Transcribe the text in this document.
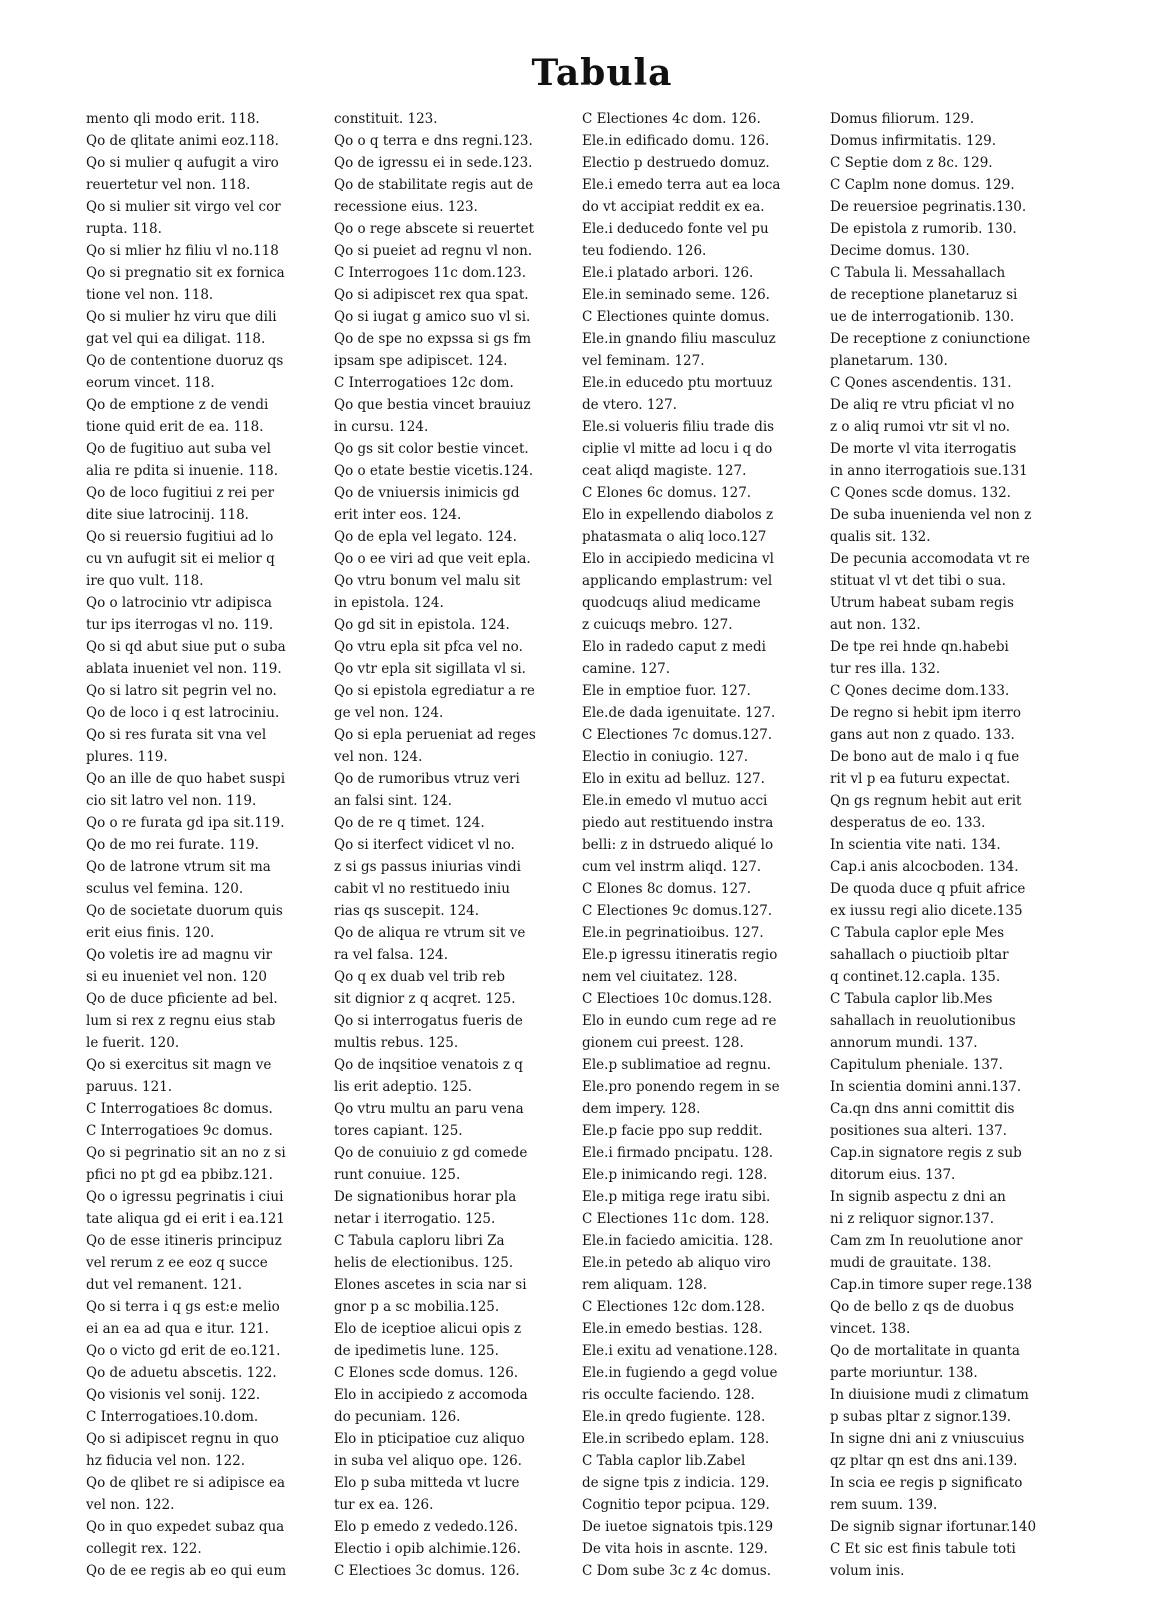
Tabula
mento qli modo erit. 118.
Qo de qlitate animi eoz.118.
Qo si mulier q aufugit a viro
reuertetur vel non. 118.
Qo si mulier sit virgo vel cor
rupta. 118.
Qo si mlier hz filiu vl no.118
Qo si pregnatio sit ex fornica
tione vel non. 118.
Qo si mulier hz viru que dili
gat vel qui ea diligat. 118.
Qo de contentione duoruz qs
eorum vincet. 118.
Qo de emptione z de vendi
tione quid erit de ea. 118.
Qo de fugitiuo aut suba vel
alia re pdita si inuenie. 118.
Qo de loco fugitiui z rei per
dite siue latrocinij. 118.
Qo si reuersio fugitiui ad lo
cu vn aufugit sit ei melior q
ire quo vult. 118.
Qo o latrocinio vtr adipisca
tur ips iterrogas vl no. 119.
Qo si qd abut siue put o suba
ablata inueniet vel non. 119.
Qo si latro sit pegrin vel no.
Qo de loco i q est latrociniu.
Qo si res furata sit vna vel
plures. 119.
Qo an ille de quo habet suspi
cio sit latro vel non. 119.
Qo o re furata gd ipa sit.119.
Qo de mo rei furate. 119.
Qo de latrone vtrum sit ma
sculus vel femina. 120.
Qo de societate duorum quis
erit eius finis. 120.
Qo voletis ire ad magnu vir
si eu inueniet vel non. 120
Qo de duce pficiente ad bel.
lum si rex z regnu eius stab
le fuerit. 120.
Qo si exercitus sit magn ve
paruus. 121.
C Interrogatioes 8c domus.
C Interrogatioes 9c domus.
Qo si pegrinatio sit an no z si
pfici no pt gd ea pbibz.121.
Qo o igressu pegrinatis i ciui
tate aliqua gd ei erit i ea.121
Qo de esse itineris principuz
vel rerum z ee eoz q succe
dut vel remanent. 121.
Qo si terra i q gs est:e melio
ei an ea ad qua e itur. 121.
Qo o victo gd erit de eo.121.
Qo de aduetu abscetis. 122.
Qo visionis vel sonij. 122.
C Interrogatioes.10.dom.
Qo si adipiscet regnu in quo
hz fiducia vel non. 122.
Qo de qlibet re si adipisce ea
vel non. 122.
Qo in quo expedet subaz qua
collegit rex. 122.
Qo de ee regis ab eo qui eum
constituit. 123.
Qo o q terra e dns regni.123.
Qo de igressu ei in sede.123.
Qo de stabilitate regis aut de
recessione eius. 123.
Qo o rege abscete si reuertet
Qo si pueiet ad regnu vl non.
C Interrogoes 11c dom.123.
Qo si adipiscet rex qua spat.
Qo si iugat g amico suo vl si.
Qo de spe no expssa si gs fm
ipsam spe adipiscet. 124.
C Interrogatioes 12c dom.
Qo que bestia vincet brauiuz
in cursu. 124.
Qo gs sit color bestie vincet.
Qo o etate bestie vicetis.124.
Qo de vniuersis inimicis gd
erit inter eos. 124.
Qo de epla vel legato. 124.
Qo o ee viri ad que veit epla.
Qo vtru bonum vel malu sit
in epistola. 124.
Qo gd sit in epistola. 124.
Qo vtru epla sit pfca vel no.
Qo vtr epla sit sigillata vl si.
Qo si epistola egrediatur a re
ge vel non. 124.
Qo si epla perueniat ad reges
vel non. 124.
Qo de rumoribus vtruz veri
an falsi sint. 124.
Qo de re q timet. 124.
Qo si iterfect vidicet vl no.
z si gs passus iniurias vindi
cabit vl no restituedo iniu
rias qs suscepit. 124.
Qo de aliqua re vtrum sit ve
ra vel falsa. 124.
Qo q ex duab vel trib reb
sit dignior z q acqret. 125.
Qo si interrogatus fueris de
multis rebus. 125.
Qo de inqsitioe venatois z q
lis erit adeptio. 125.
Qo vtru multu an paru vena
tores capiant. 125.
Qo de conuiuio z gd comede
runt conuiue. 125.
De signationibus horar pla
netar i iterrogatio. 125.
C Tabula caploru libri Za
helis de electionibus. 125.
Elones ascetes in scia nar si
gnor p a sc mobilia.125.
Elo de iceptioe alicui opis z
de ipedimetis lune. 125.
C Elones scde domus. 126.
Elo in accipiedo z accomoda
do pecuniam. 126.
Elo in pticipatioe cuz aliquo
in suba vel aliquo ope. 126.
Elo p suba mitteda vt lucre
tur ex ea. 126.
Elo p emedo z vededo.126.
Electio i opib alchimie.126.
C Electioes 3c domus. 126.
C Electiones 4c dom. 126.
Ele.in edificado domu. 126.
Electio p destruedo domuz.
Ele.i emedo terra aut ea loca
do vt accipiat reddit ex ea.
Ele.i deducedo fonte vel pu
teu fodiendo. 126.
Ele.i platado arbori. 126.
Ele.in seminado seme. 126.
C Electiones quinte domus.
Ele.in gnando filiu masculuz
vel feminam. 127.
Ele.in educedo ptu mortuuz
de vtero. 127.
Ele.si volueris filiu trade dis
ciplie vl mitte ad locu i q do
ceat aliqd magiste. 127.
C Elones 6c domus. 127.
Elo in expellendo diabolos z
phatasmata o aliq loco.127
Elo in accipiedo medicina vl
applicando emplastrum: vel
quodcuqs aliud medicame
z cuicuqs mebro. 127.
Elo in radedo caput z medi
camine. 127.
Ele in emptioe fuor. 127.
Ele.de dada igenuitate. 127.
C Electiones 7c domus.127.
Electio in coniugio. 127.
Elo in exitu ad belluz. 127.
Ele.in emedo vl mutuo acci
piedo aut restituendo instra
belli: z in dstruedo aliqué lo
cum vel instrm aliqd. 127.
C Elones 8c domus. 127.
C Electiones 9c domus.127.
Ele.in pegrinatioibus. 127.
Ele.p igressu itineratis regio
nem vel ciuitatez. 128.
C Electioes 10c domus.128.
Elo in eundo cum rege ad re
gionem cui preest. 128.
Ele.p sublimatioe ad regnu.
Ele.pro ponendo regem in se
dem impery. 128.
Ele.p facie ppo sup reddit.
Ele.i firmado pncipatu. 128.
Ele.p inimicando regi. 128.
Ele.p mitiga rege iratu sibi.
C Electiones 11c dom. 128.
Ele.in faciedo amicitia. 128.
Ele.in petedo ab aliquo viro
rem aliquam. 128.
C Electiones 12c dom.128.
Ele.in emedo bestias. 128.
Ele.i exitu ad venatione.128.
Ele.in fugiendo a gegd volue
ris occulte faciendo. 128.
Ele.in qredo fugiente. 128.
Ele.in scribedo eplam. 128.
C Tabla caplor lib.Zabel
de signe tpis z indicia. 129.
Cognitio tepor pcipua. 129.
De iuetoe signatois tpis.129
De vita hois in ascnte. 129.
C Dom sube 3c z 4c domus.
Domus filiorum. 129.
Domus infirmitatis. 129.
C Septie dom z 8c. 129.
C Caplm none domus. 129.
De reuersioe pegrinatis.130.
De epistola z rumorib. 130.
Decime domus. 130.
C Tabula li. Messahallach
de receptione planetaruz si
ue de interrogationib. 130.
De receptione z coniunctione
planetarum. 130.
C Qones ascendentis. 131.
De aliq re vtru pficiat vl no
z o aliq rumoi vtr sit vl no.
De morte vl vita iterrogatis
in anno iterrogatiois sue.131
C Qones scde domus. 132.
De suba inuenienda vel non z
qualis sit. 132.
De pecunia accomodata vt re
stituat vl vt det tibi o sua.
Utrum habeat subam regis
aut non. 132.
De tpe rei hnde qn.habebi
tur res illa. 132.
C Qones decime dom.133.
De regno si hebit ipm iterro
gans aut non z quado. 133.
De bono aut de malo i q fue
rit vl p ea futuru expectat.
Qn gs regnum hebit aut erit
desperatus de eo. 133.
In scientia vite nati. 134.
Cap.i anis alcocboden. 134.
De quoda duce q pfuit africe
ex iussu regi alio dicete.135
C Tabula caplor eple Mes
sahallach o piuctioib pltar
q continet.12.capla. 135.
C Tabula caplor lib.Mes
sahallach in reuolutionibus
annorum mundi. 137.
Capitulum pheniale. 137.
In scientia domini anni.137.
Ca.qn dns anni comittit dis
positiones sua alteri. 137.
Cap.in signatore regis z sub
ditorum eius. 137.
In signib aspectu z dni an
ni z reliquor signor.137.
Cam zm In reuolutione anor
mudi de grauitate. 138.
Cap.in timore super rege.138
Qo de bello z qs de duobus
vincet. 138.
Qo de mortalitate in quanta
parte moriuntur. 138.
In diuisione mudi z climatum
p subas pltar z signor.139.
In signe dni ani z vniuscuius
qz pltar qn est dns ani.139.
In scia ee regis p significato
rem suum. 139.
De signib signar ifortunar.140
C Et sic est finis tabule toti
volum inis.
